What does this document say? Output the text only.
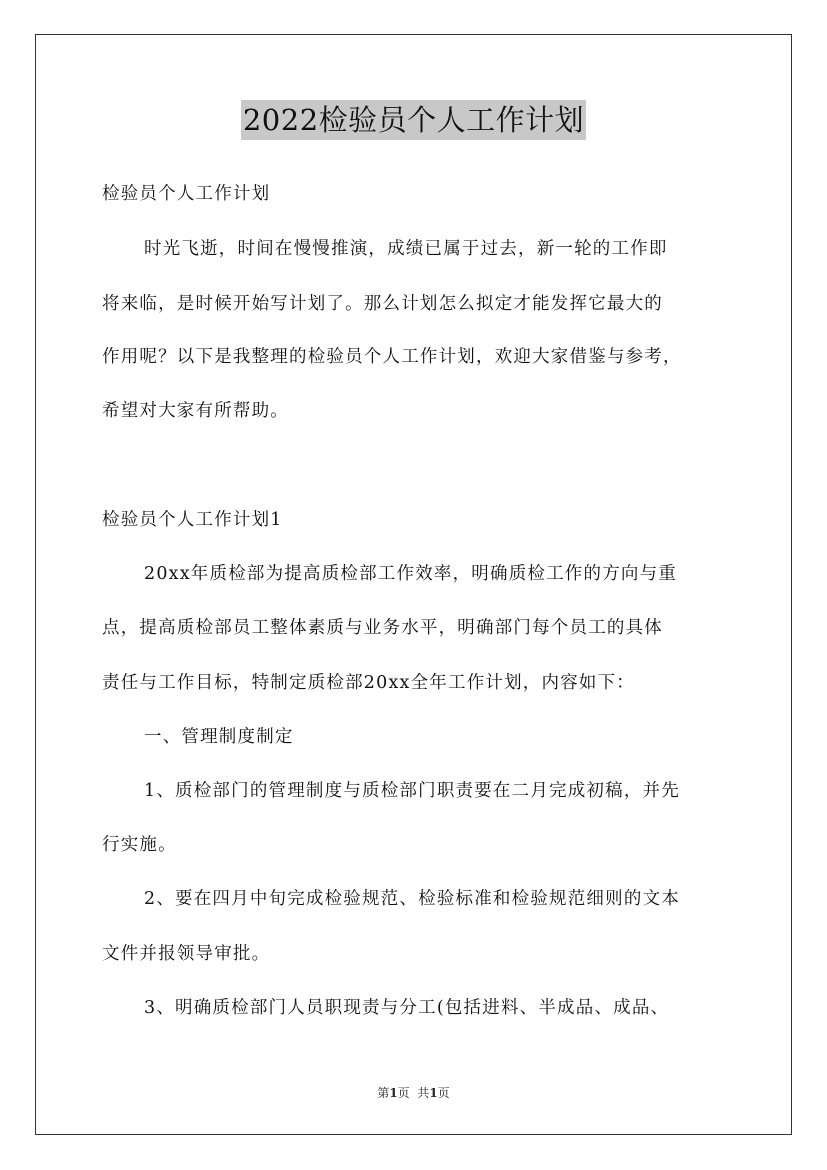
2022检验员个人工作计划
检验员个人工作计划
时光飞逝，时间在慢慢推演，成绩已属于过去，新一轮的工作即
将来临，是时候开始写计划了。那么计划怎么拟定才能发挥它最大的
作用呢？以下是我整理的检验员个人工作计划，欢迎大家借鉴与参考，
希望对大家有所帮助。
检验员个人工作计划1
20xx年质检部为提高质检部工作效率，明确质检工作的方向与重
点，提高质检部员工整体素质与业务水平，明确部门每个员工的具体
责任与工作目标，特制定质检部20xx全年工作计划，内容如下：
一、管理制度制定
1、质检部门的管理制度与质检部门职责要在二月完成初稿，并先
行实施。
2、要在四月中旬完成检验规范、检验标准和检验规范细则的文本
文件并报领导审批。
3、明确质检部门人员职现责与分工(包括进料、半成品、成品、
第1页  共1页
